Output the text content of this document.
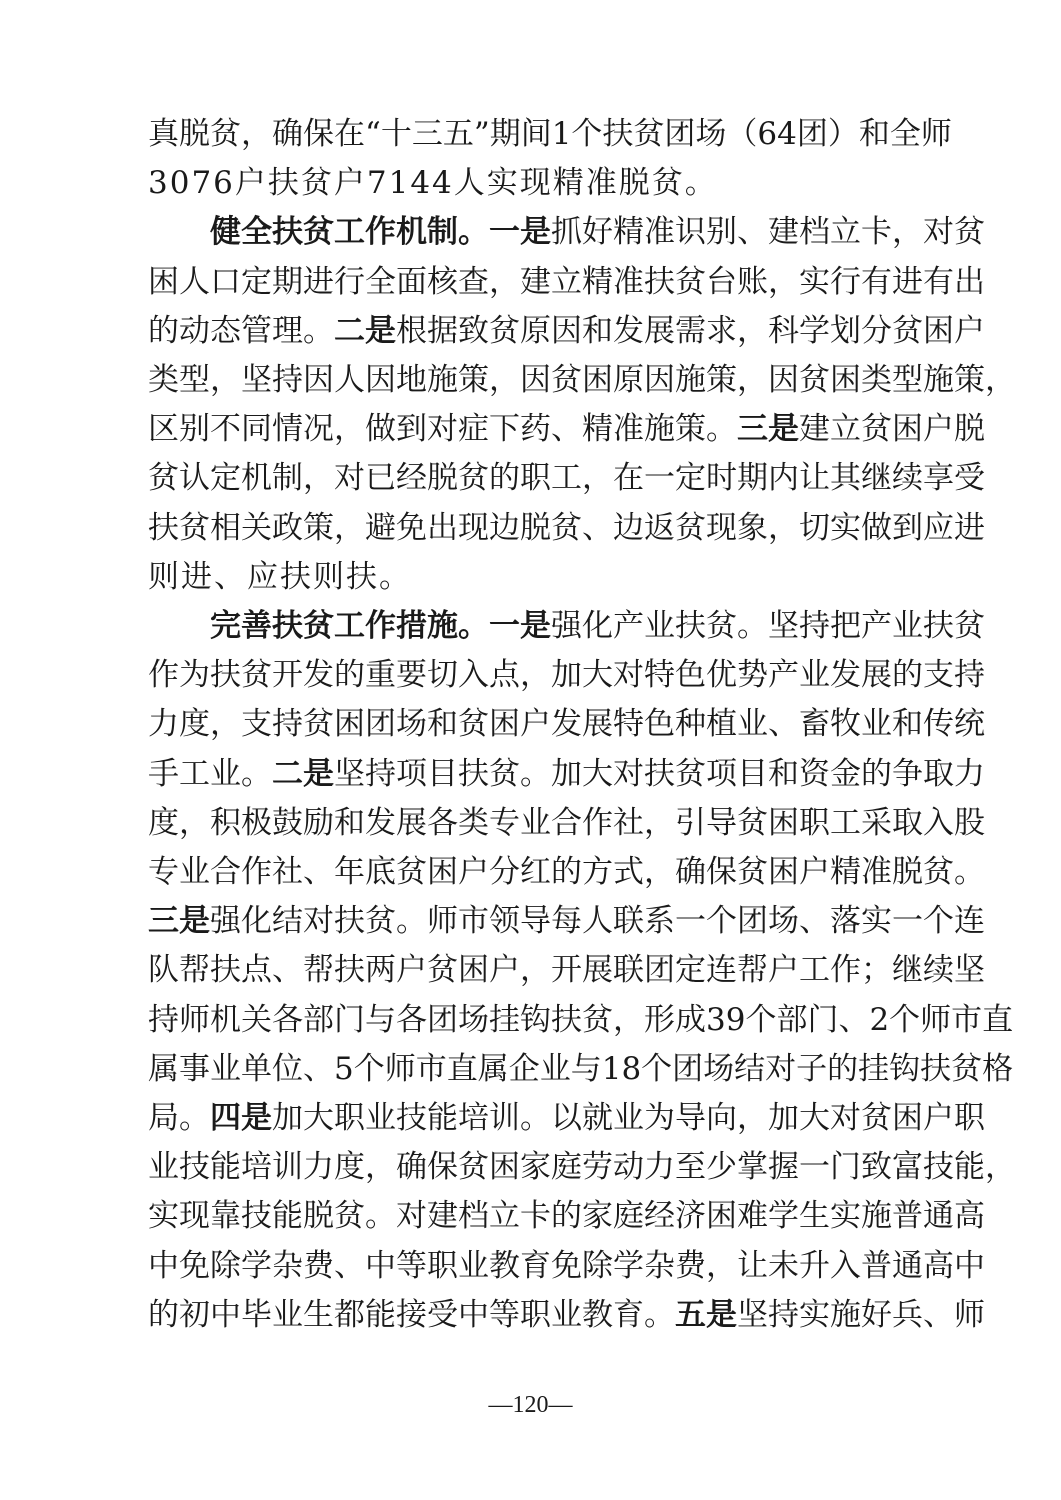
真脱贫，确保在“十三五”期间1个扶贫团场（64团）和全师
3076户扶贫户7144人实现精准脱贫。
健全扶贫工作机制。一是抓好精准识别、建档立卡，对贫
困人口定期进行全面核查，建立精准扶贫台账，实行有进有出
的动态管理。二是根据致贫原因和发展需求，科学划分贫困户
类型，坚持因人因地施策，因贫困原因施策，因贫困类型施策，
区别不同情况，做到对症下药、精准施策。三是建立贫困户脱
贫认定机制，对已经脱贫的职工，在一定时期内让其继续享受
扶贫相关政策，避免出现边脱贫、边返贫现象，切实做到应进
则进、应扶则扶。
完善扶贫工作措施。一是强化产业扶贫。坚持把产业扶贫
作为扶贫开发的重要切入点，加大对特色优势产业发展的支持
力度，支持贫困团场和贫困户发展特色种植业、畜牧业和传统
手工业。二是坚持项目扶贫。加大对扶贫项目和资金的争取力
度，积极鼓励和发展各类专业合作社，引导贫困职工采取入股
专业合作社、年底贫困户分红的方式，确保贫困户精准脱贫。
三是强化结对扶贫。师市领导每人联系一个团场、落实一个连
队帮扶点、帮扶两户贫困户，开展联团定连帮户工作；继续坚
持师机关各部门与各团场挂钩扶贫，形成39个部门、2个师市直
属事业单位、5个师市直属企业与18个团场结对子的挂钩扶贫格
局。四是加大职业技能培训。以就业为导向，加大对贫困户职
业技能培训力度，确保贫困家庭劳动力至少掌握一门致富技能，
实现靠技能脱贫。对建档立卡的家庭经济困难学生实施普通高
中免除学杂费、中等职业教育免除学杂费，让未升入普通高中
的初中毕业生都能接受中等职业教育。五是坚持实施好兵、师
—120—
